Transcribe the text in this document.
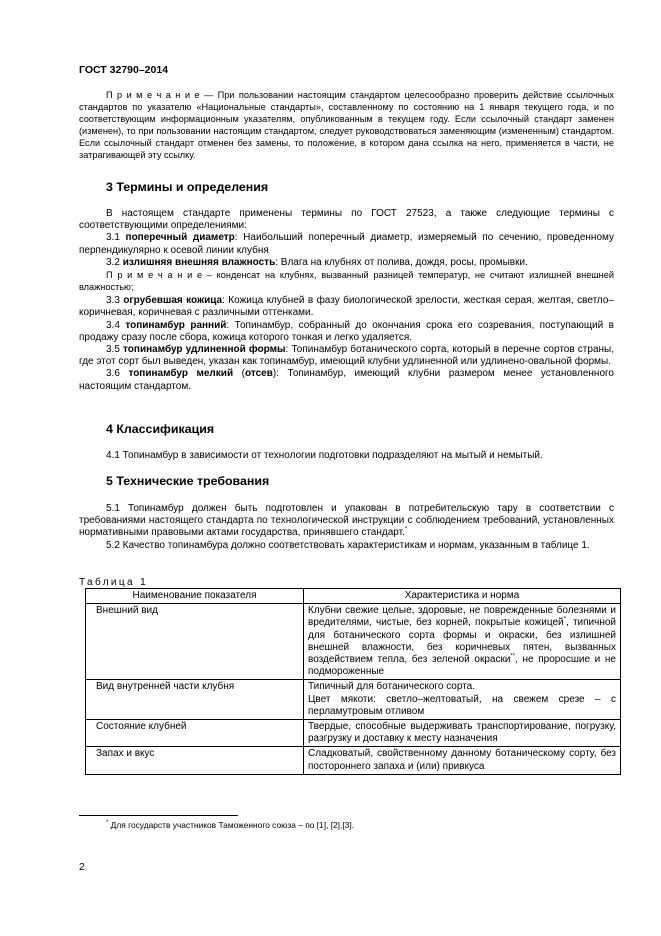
ГОСТ 32790–2014
П р и м е ч а н и е — При пользовании настоящим стандартом целесообразно проверить действие ссылочных стандартов по указателю «Национальные стандарты», составленному по состоянию на 1 января текущего года, и по соответствующим информационным указателям, опубликованным в текущем году. Если ссылочный стандарт заменен (изменен), то при пользовании настоящим стандартом, следует руководствоваться заменяющим (измененным) стандартом. Если ссылочный стандарт отменен без замены, то положение, в котором дана ссылка на него, применяется в части, не затрагивающей эту ссылку.
3 Термины и определения

В настоящем стандарте применены термины по ГОСТ 27523, а также следующие термины с соответствующими определениями:

3.1 поперечный диаметр: Наибольший поперечный диаметр, измеряемый по сечению, проведенному перпендикулярно к осевой линии клубня

3.2 излишняя внешняя влажность: Влага на клубнях от полива, дождя, росы, промывки.

П р и м е ч а н и е – конденсат на клубнях, вызванный разницей температур, не считают излишней внешней влажностью;

3.3 огрубевшая кожица: Кожица клубней в фазу биологической зрелости, жесткая серая, желтая, светло–коричневая, коричневая с различными оттенками.

3.4 топинамбур ранний: Топинамбур, собранный до окончания срока его созревания, поступающий в продажу сразу после сбора, кожица которого тонкая и легко удаляется.

3.5 топинамбур удлиненной формы: Топинамбур ботанического сорта, который в перечне сортов страны, где этот сорт был выведен, указан как топинамбур, имеющий клубни удлиненной или удлинено-овальной формы.

3.6 топинамбур мелкий (отсев): Топинамбур, имеющий клубни размером менее установленного настоящим стандартом.

4 Классификация
4.1 Топинамбур в зависимости от технологии подготовки подразделяют на мытый и немытый.
5 Технические требования

5.1 Топинамбур должен быть подготовлен и упакован в потребительскую тару в соответствии с требованиями настоящего стандарта по технологической инструкции с соблюдением требований, установленных нормативными правовыми актами государства, принявшего стандарт.*

5.2 Качество топинамбура должно соответствовать характеристикам и нормам, указанным в таблице 1.

Таблица 1
Наименование показателя	Характеристика и норма
Внешний вид	Клубни свежие целые, здоровые, не поврежденные болезнями и вредителями, чистые, без корней, покрытые кожицей*, типичной для ботанического сорта формы и окраски, без излишней внешней влажности, без коричневых пятен, вызванных воздействием тепла, без зеленой окраски**, не проросшие и не подмороженные
Вид внутренней части клубня	Типичный для ботанического сорта.
Цвет мякоти: светло–желтоватый, на свежем срезе – с перламутровым отливом

Состояние клубней	Твердые, способные выдерживать транспортирование, погрузку, разгрузку и доставку к месту назначения
Запах и вкус	Сладковатый, свойственному данному ботаническому сорту, без постороннего запаха и (или) привкуса
* Для государств участников Таможенного союза – по [1], [2],[3].
2
